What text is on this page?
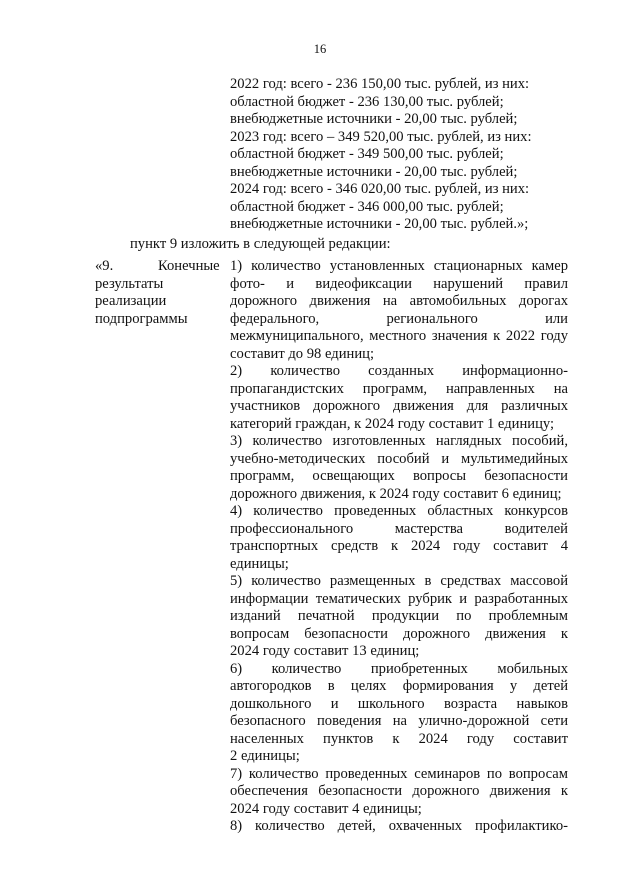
16
2022 год: всего - 236 150,00 тыс. рублей, из них:
областной бюджет - 236 130,00 тыс. рублей;
внебюджетные источники - 20,00 тыс. рублей;
2023 год: всего – 349 520,00 тыс. рублей, из них:
областной бюджет - 349 500,00 тыс. рублей;
внебюджетные источники - 20,00 тыс. рублей;
2024 год: всего - 346 020,00 тыс. рублей, из них:
областной бюджет - 346 000,00 тыс. рублей;
внебюджетные источники - 20,00 тыс. рублей.»;
пункт 9 изложить в следующей редакции:
«9.	Конечные
результаты
реализации
подпрограммы
1) количество установленных стационарных камер
фото- и видеофиксации нарушений правил
дорожного движения на автомобильных дорогах
федерального, регионального или
межмуниципального, местного значения к 2022 году
составит до 98 единиц;
2) количество созданных информационно-
пропагандистских программ, направленных на
участников дорожного движения для различных
категорий граждан, к 2024 году составит 1 единицу;
3) количество изготовленных наглядных пособий,
учебно-методических пособий и мультимедийных
программ, освещающих вопросы безопасности
дорожного движения, к 2024 году составит 6 единиц;
4) количество проведенных областных конкурсов
профессионального мастерства водителей
транспортных средств к 2024 году составит 4
единицы;
5) количество размещенных в средствах массовой
информации тематических рубрик и разработанных
изданий печатной продукции по проблемным
вопросам безопасности дорожного движения к
2024 году составит 13 единиц;
6) количество приобретенных мобильных
автогородков в целях формирования у детей
дошкольного и школьного возраста навыков
безопасного поведения на улично-дорожной сети
населенных пунктов к 2024 году составит
2 единицы;
7) количество проведенных семинаров по вопросам
обеспечения безопасности дорожного движения к
2024 году составит 4 единицы;
8) количество детей, охваченных профилактико-
